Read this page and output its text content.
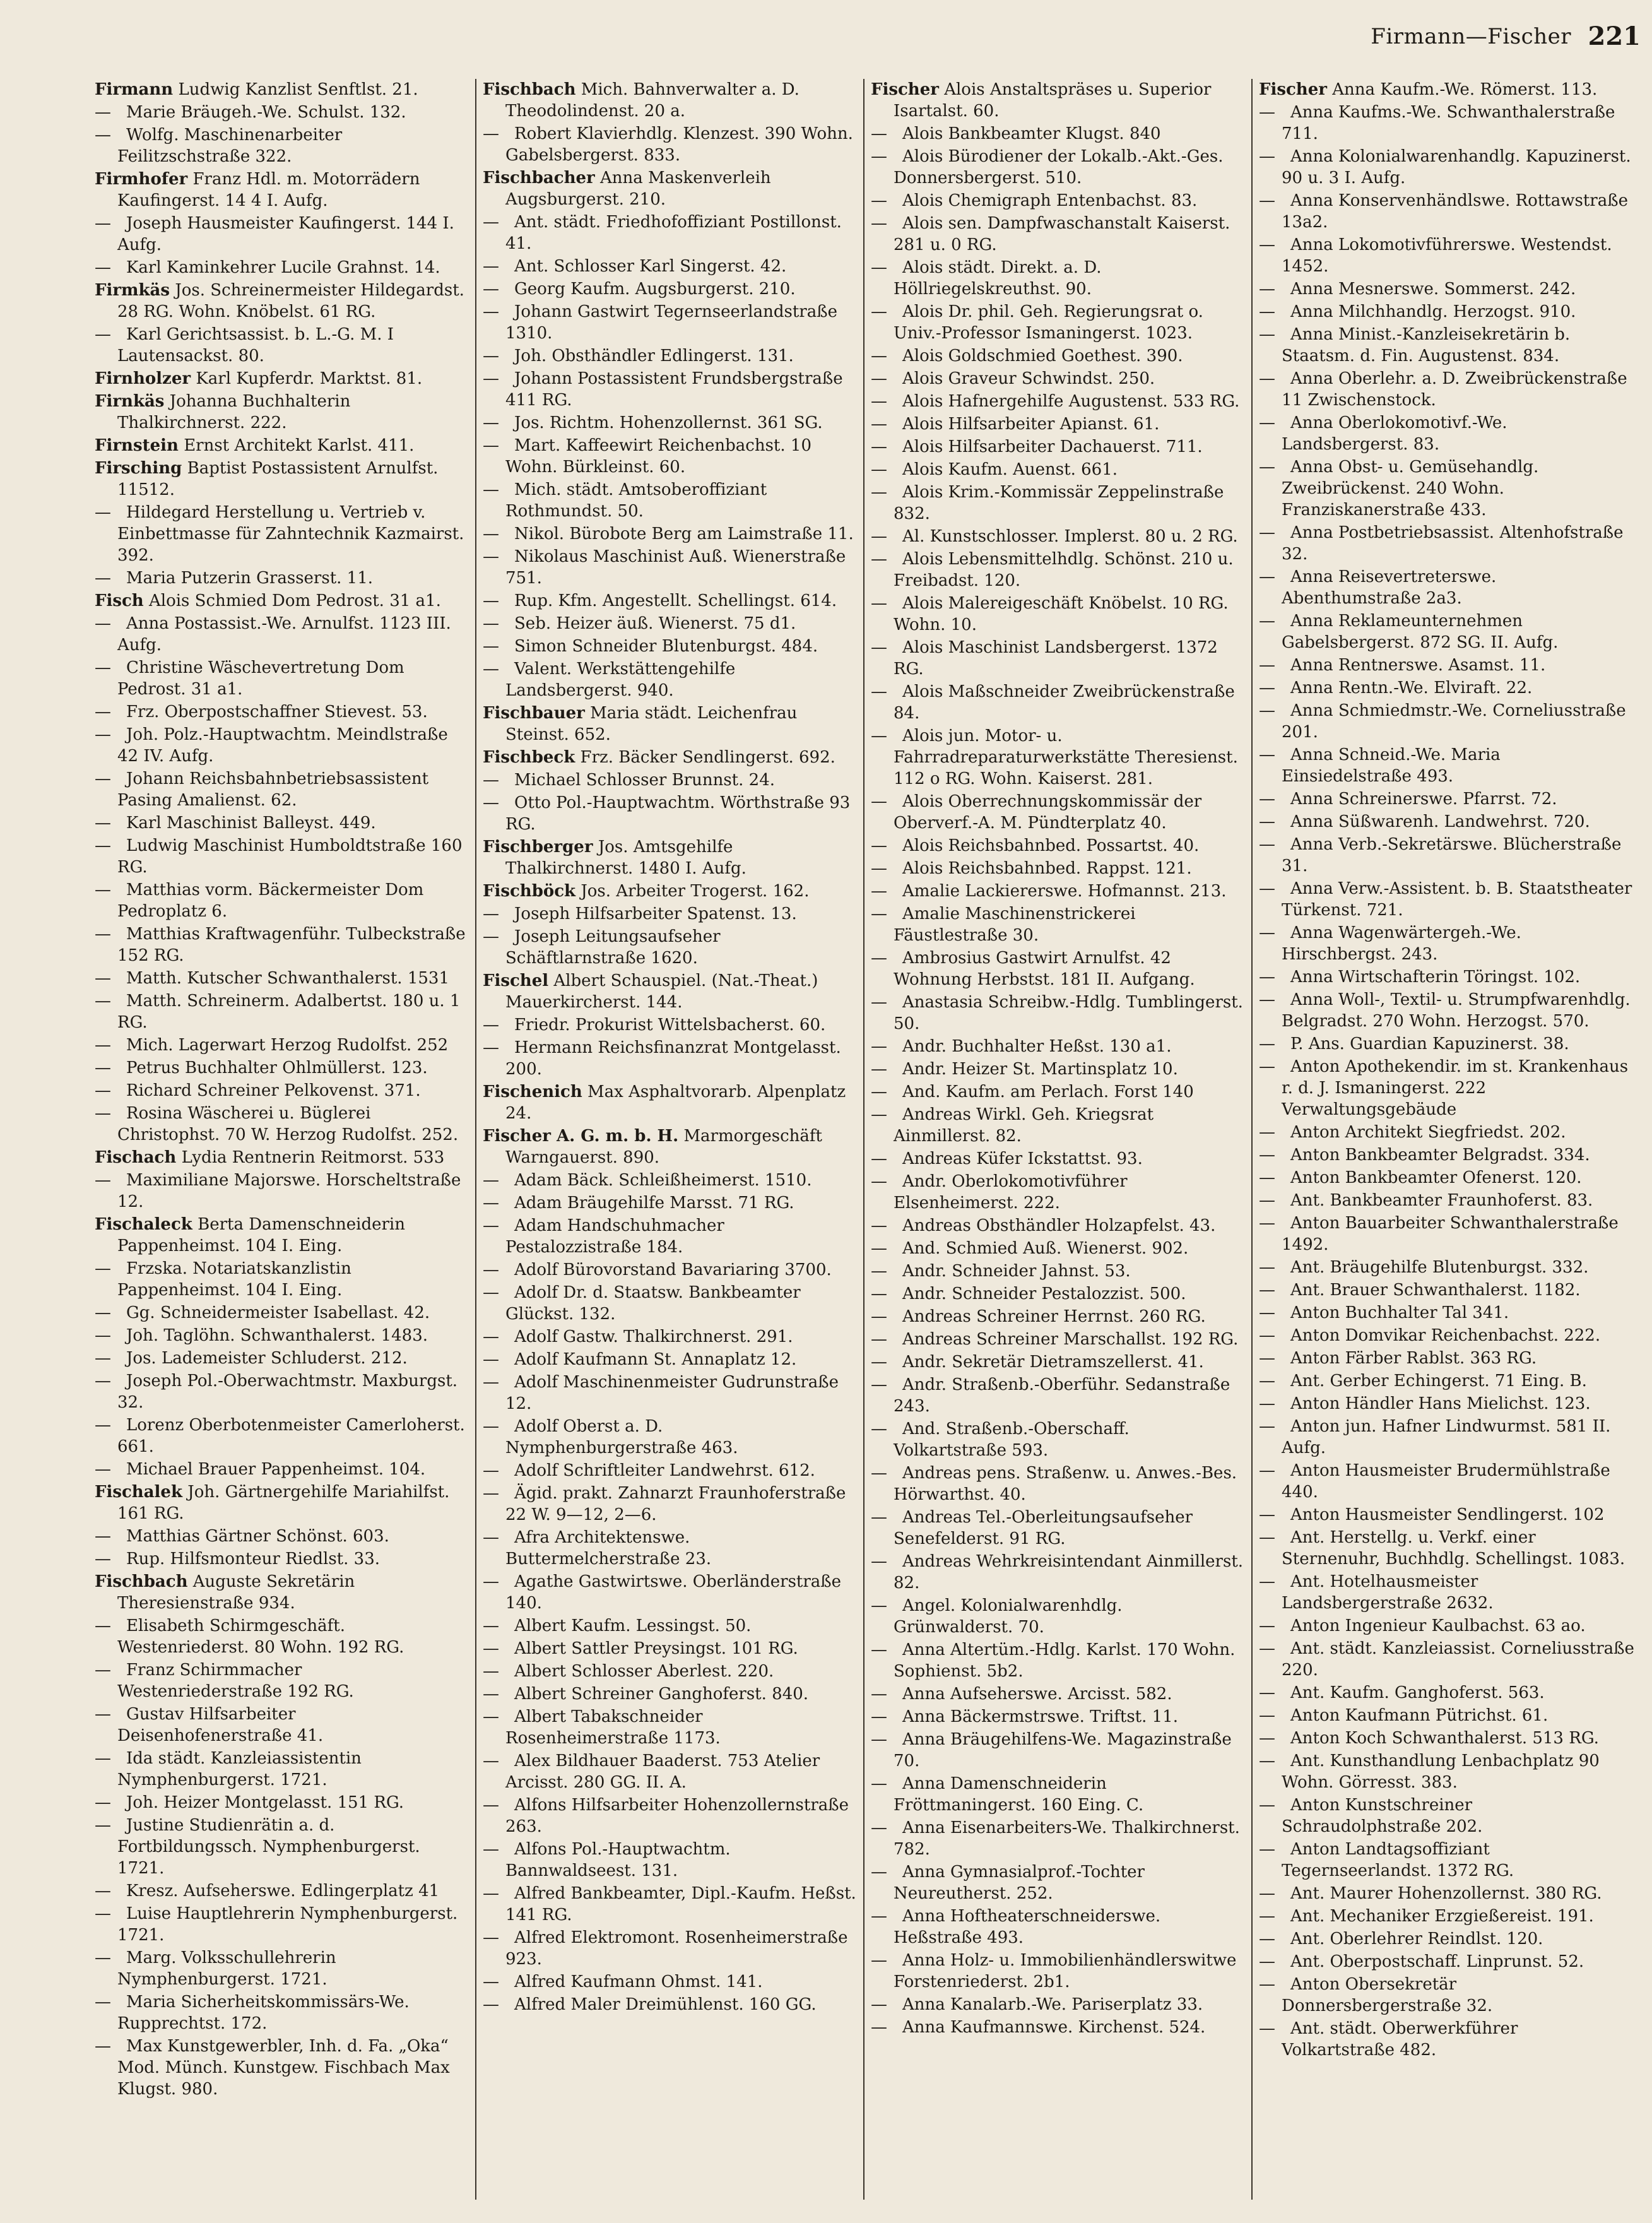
Firmann—Fischer 221

Firmann Ludwig Kanzlist Senftlst. 21.

— Marie Bräugeh.-We. Schulst. 132.

— Wolfg. Maschinenarbeiter Feilitzschstraße 322.

Firmhofer Franz Hdl. m. Motorrädern Kaufingerst. 14 4 I. Aufg.

— Joseph Hausmeister Kaufingerst. 144 I. Aufg.

— Karl Kaminkehrer Lucile Grahnst. 14.

Firmkäs Jos. Schreinermeister Hildegardst. 28 RG. Wohn. Knöbelst. 61 RG.

— Karl Gerichtsassist. b. L.-G. M. I Lautensackst. 80.

Firnholzer Karl Kupferdr. Marktst. 81.

Firnkäs Johanna Buchhalterin Thalkirchnerst. 222.

Firnstein Ernst Architekt Karlst. 411.

Firsching Baptist Postassistent Arnulfst. 11512.

— Hildegard Herstellung u. Vertrieb v. Einbettmasse für Zahntechnik Kazmairst. 392.

— Maria Putzerin Grasserst. 11.

Fisch Alois Schmied Dom Pedrost. 31 a1.

— Anna Postassist.-We. Arnulfst. 1123 III. Aufg.

— Christine Wäschevertretung Dom Pedrost. 31 a1.

— Frz. Oberpostschaffner Stievest. 53.

— Joh. Polz.-Hauptwachtm. Meindlstraße 42 IV. Aufg.

— Johann Reichsbahnbetriebsassistent Pasing Amalienst. 62.

— Karl Maschinist Balleyst. 449.

— Ludwig Maschinist Humboldtstraße 160 RG.

— Matthias vorm. Bäckermeister Dom Pedroplatz 6.

— Matthias Kraftwagenführ. Tulbeckstraße 152 RG.

— Matth. Kutscher Schwanthalerst. 1531

— Matth. Schreinerm. Adalbertst. 180 u. 1 RG.

— Mich. Lagerwart Herzog Rudolfst. 252

— Petrus Buchhalter Ohlmüllerst. 123.

— Richard Schreiner Pelkovenst. 371.

— Rosina Wäscherei u. Büglerei Christophst. 70 W. Herzog Rudolfst. 252.

Fischach Lydia Rentnerin Reitmorst. 533

— Maximiliane Majorswe. Horscheltstraße 12.

Fischaleck Berta Damenschneiderin Pappenheimst. 104 I. Eing.

— Frzska. Notariatskanzlistin Pappenheimst. 104 I. Eing.

— Gg. Schneidermeister Isabellast. 42.

— Joh. Taglöhn. Schwanthalerst. 1483.

— Jos. Lademeister Schluderst. 212.

— Joseph Pol.-Oberwachtmstr. Maxburgst. 32.

— Lorenz Oberbotenmeister Camerloherst. 661.

— Michael Brauer Pappenheimst. 104.

Fischalek Joh. Gärtnergehilfe Mariahilfst. 161 RG.

— Matthias Gärtner Schönst. 603.

— Rup. Hilfsmonteur Riedlst. 33.

Fischbach Auguste Sekretärin Theresienstraße 934.

— Elisabeth Schirmgeschäft. Westenriederst. 80 Wohn. 192 RG.

— Franz Schirmmacher Westenriederstraße 192 RG.

— Gustav Hilfsarbeiter Deisenhofenerstraße 41.

— Ida städt. Kanzleiassistentin Nymphenburgerst. 1721.

— Joh. Heizer Montgelasst. 151 RG.

— Justine Studienrätin a. d. Fortbildungssch. Nymphenburgerst. 1721.

— Kresz. Aufseherswe. Edlingerplatz 41

— Luise Hauptlehrerin Nymphenburgerst. 1721.

— Marg. Volksschullehrerin Nymphenburgerst. 1721.

— Maria Sicherheitskommissärs-We. Rupprechtst. 172.

— Max Kunstgewerbler, Inh. d. Fa. „Oka“ Mod. Münch. Kunstgew. Fischbach Max Klugst. 980.

Fischbach Mich. Bahnverwalter a. D. Theodolindenst. 20 a.

— Robert Klavierhdlg. Klenzest. 390 Wohn. Gabelsbergerst. 833.

Fischbacher Anna Maskenverleih Augsburgerst. 210.

— Ant. städt. Friedhofoffiziant Postillonst. 41.

— Ant. Schlosser Karl Singerst. 42.

— Georg Kaufm. Augsburgerst. 210.

— Johann Gastwirt Tegernseerlandstraße 1310.

— Joh. Obsthändler Edlingerst. 131.

— Johann Postassistent Frundsbergstraße 411 RG.

— Jos. Richtm. Hohenzollernst. 361 SG.

— Mart. Kaffeewirt Reichenbachst. 10 Wohn. Bürkleinst. 60.

— Mich. städt. Amtsoberoffiziant Rothmundst. 50.

— Nikol. Bürobote Berg am Laimstraße 11.

— Nikolaus Maschinist Auß. Wienerstraße 751.

— Rup. Kfm. Angestellt. Schellingst. 614.

— Seb. Heizer äuß. Wienerst. 75 d1.

— Simon Schneider Blutenburgst. 484.

— Valent. Werkstättengehilfe Landsbergerst. 940.

Fischbauer Maria städt. Leichenfrau Steinst. 652.

Fischbeck Frz. Bäcker Sendlingerst. 692.

— Michael Schlosser Brunnst. 24.

— Otto Pol.-Hauptwachtm. Wörthstraße 93 RG.

Fischberger Jos. Amtsgehilfe Thalkirchnerst. 1480 I. Aufg.

Fischböck Jos. Arbeiter Trogerst. 162.

— Joseph Hilfsarbeiter Spatenst. 13.

— Joseph Leitungsaufseher Schäftlarnstraße 1620.

Fischel Albert Schauspiel. (Nat.-Theat.) Mauerkircherst. 144.

— Friedr. Prokurist Wittelsbacherst. 60.

— Hermann Reichsfinanzrat Montgelasst. 200.

Fischenich Max Asphaltvorarb. Alpenplatz 24.

Fischer A. G. m. b. H. Marmorgeschäft Warngauerst. 890.

— Adam Bäck. Schleißheimerst. 1510.

— Adam Bräugehilfe Marsst. 71 RG.

— Adam Handschuhmacher Pestalozzistraße 184.

— Adolf Bürovorstand Bavariaring 3700.

— Adolf Dr. d. Staatsw. Bankbeamter Glückst. 132.

— Adolf Gastw. Thalkirchnerst. 291.

— Adolf Kaufmann St. Annaplatz 12.

— Adolf Maschinenmeister Gudrunstraße 12.

— Adolf Oberst a. D. Nymphenburgerstraße 463.

— Adolf Schriftleiter Landwehrst. 612.

— Ägid. prakt. Zahnarzt Fraunhoferstraße 22 W. 9—12, 2—6.

— Afra Architektenswe. Buttermelcherstraße 23.

— Agathe Gastwirtswe. Oberländerstraße 140.

— Albert Kaufm. Lessingst. 50.

— Albert Sattler Preysingst. 101 RG.

— Albert Schlosser Aberlest. 220.

— Albert Schreiner Ganghoferst. 840.

— Albert Tabakschneider Rosenheimerstraße 1173.

— Alex Bildhauer Baaderst. 753 Atelier Arcisst. 280 GG. II. A.

— Alfons Hilfsarbeiter Hohenzollernstraße 263.

— Alfons Pol.-Hauptwachtm. Bannwaldseest. 131.

— Alfred Bankbeamter, Dipl.-Kaufm. Heßst. 141 RG.

— Alfred Elektromont. Rosenheimerstraße 923.

— Alfred Kaufmann Ohmst. 141.

— Alfred Maler Dreimühlenst. 160 GG.

Fischer Alois Anstaltspräses u. Superior Isartalst. 60.

— Alois Bankbeamter Klugst. 840

— Alois Bürodiener der Lokalb.-Akt.-Ges. Donnersbergerst. 510.

— Alois Chemigraph Entenbachst. 83.

— Alois sen. Dampfwaschanstalt Kaiserst. 281 u. 0 RG.

— Alois städt. Direkt. a. D. Höllriegelskreuthst. 90.

— Alois Dr. phil. Geh. Regierungsrat o. Univ.-Professor Ismaningerst. 1023.

— Alois Goldschmied Goethest. 390.

— Alois Graveur Schwindst. 250.

— Alois Hafnergehilfe Augustenst. 533 RG.

— Alois Hilfsarbeiter Apianst. 61.

— Alois Hilfsarbeiter Dachauerst. 711.

— Alois Kaufm. Auenst. 661.

— Alois Krim.-Kommissär Zeppelinstraße 832.

— Al. Kunstschlosser. Implerst. 80 u. 2 RG.

— Alois Lebensmittelhdlg. Schönst. 210 u. Freibadst. 120.

— Alois Malereigeschäft Knöbelst. 10 RG. Wohn. 10.

— Alois Maschinist Landsbergerst. 1372 RG.

— Alois Maßschneider Zweibrückenstraße 84.

— Alois jun. Motor- u. Fahrradreparaturwerkstätte Theresienst. 112 o RG. Wohn. Kaiserst. 281.

— Alois Oberrechnungskommissär der Oberverf.-A. M. Pündterplatz 40.

— Alois Reichsbahnbed. Possartst. 40.

— Alois Reichsbahnbed. Rappst. 121.

— Amalie Lackiererswe. Hofmannst. 213.

— Amalie Maschinenstrickerei Fäustlestraße 30.

— Ambrosius Gastwirt Arnulfst. 42 Wohnung Herbstst. 181 II. Aufgang.

— Anastasia Schreibw.-Hdlg. Tumblingerst. 50.

— Andr. Buchhalter Heßst. 130 a1.

— Andr. Heizer St. Martinsplatz 10.

— And. Kaufm. am Perlach. Forst 140

— Andreas Wirkl. Geh. Kriegsrat Ainmillerst. 82.

— Andreas Küfer Ickstattst. 93.

— Andr. Oberlokomotivführer Elsenheimerst. 222.

— Andreas Obsthändler Holzapfelst. 43.

— And. Schmied Auß. Wienerst. 902.

— Andr. Schneider Jahnst. 53.

— Andr. Schneider Pestalozzist. 500.

— Andreas Schreiner Herrnst. 260 RG.

— Andreas Schreiner Marschallst. 192 RG.

— Andr. Sekretär Dietramszellerst. 41.

— Andr. Straßenb.-Oberführ. Sedanstraße 243.

— And. Straßenb.-Oberschaff. Volkartstraße 593.

— Andreas pens. Straßenw. u. Anwes.-Bes. Hörwarthst. 40.

— Andreas Tel.-Oberleitungsaufseher Senefelderst. 91 RG.

— Andreas Wehrkreisintendant Ainmillerst. 82.

— Angel. Kolonialwarenhdlg. Grünwalderst. 70.

— Anna Altertüm.-Hdlg. Karlst. 170 Wohn. Sophienst. 5b2.

— Anna Aufseherswe. Arcisst. 582.

— Anna Bäckermstrswe. Triftst. 11.

— Anna Bräugehilfens-We. Magazinstraße 70.

— Anna Damenschneiderin Fröttmaningerst. 160 Eing. C.

— Anna Eisenarbeiters-We. Thalkirchnerst. 782.

— Anna Gymnasialprof.-Tochter Neureutherst. 252.

— Anna Hoftheaterschneiderswe. Heßstraße 493.

— Anna Holz- u. Immobilienhändlerswitwe Forstenriederst. 2b1.

— Anna Kanalarb.-We. Pariserplatz 33.

— Anna Kaufmannswe. Kirchenst. 524.

Fischer Anna Kaufm.-We. Römerst. 113.

— Anna Kaufms.-We. Schwanthalerstraße 711.

— Anna Kolonialwarenhandlg. Kapuzinerst. 90 u. 3 I. Aufg.

— Anna Konservenhändlswe. Rottawstraße 13a2.

— Anna Lokomotivführerswe. Westendst. 1452.

— Anna Mesnerswe. Sommerst. 242.

— Anna Milchhandlg. Herzogst. 910.

— Anna Minist.-Kanzleisekretärin b. Staatsm. d. Fin. Augustenst. 834.

— Anna Oberlehr. a. D. Zweibrückenstraße 11 Zwischenstock.

— Anna Oberlokomotivf.-We. Landsbergerst. 83.

— Anna Obst- u. Gemüsehandlg. Zweibrückenst. 240 Wohn. Franziskanerstraße 433.

— Anna Postbetriebsassist. Altenhofstraße 32.

— Anna Reisevertreterswe. Abenthumstraße 2a3.

— Anna Reklameunternehmen Gabelsbergerst. 872 SG. II. Aufg.

— Anna Rentnerswe. Asamst. 11.

— Anna Rentn.-We. Elviraft. 22.

— Anna Schmiedmstr.-We. Corneliusstraße 201.

— Anna Schneid.-We. Maria Einsiedelstraße 493.

— Anna Schreinerswe. Pfarrst. 72.

— Anna Süßwarenh. Landwehrst. 720.

— Anna Verb.-Sekretärswe. Blücherstraße 31.

— Anna Verw.-Assistent. b. B. Staatstheater Türkenst. 721.

— Anna Wagenwärtergeh.-We. Hirschbergst. 243.

— Anna Wirtschafterin Töringst. 102.

— Anna Woll-, Textil- u. Strumpfwarenhdlg. Belgradst. 270 Wohn. Herzogst. 570.

— P. Ans. Guardian Kapuzinerst. 38.

— Anton Apothekendir. im st. Krankenhaus r. d. J. Ismaningerst. 222 Verwaltungsgebäude

— Anton Architekt Siegfriedst. 202.

— Anton Bankbeamter Belgradst. 334.

— Anton Bankbeamter Ofenerst. 120.

— Ant. Bankbeamter Fraunhoferst. 83.

— Anton Bauarbeiter Schwanthalerstraße 1492.

— Ant. Bräugehilfe Blutenburgst. 332.

— Ant. Brauer Schwanthalerst. 1182.

— Anton Buchhalter Tal 341.

— Anton Domvikar Reichenbachst. 222.

— Anton Färber Rablst. 363 RG.

— Ant. Gerber Echingerst. 71 Eing. B.

— Anton Händler Hans Mielichst. 123.

— Anton jun. Hafner Lindwurmst. 581 II. Aufg.

— Anton Hausmeister Brudermühlstraße 440.

— Anton Hausmeister Sendlingerst. 102

— Ant. Herstellg. u. Verkf. einer Sternenuhr, Buchhdlg. Schellingst. 1083.

— Ant. Hotelhausmeister Landsbergerstraße 2632.

— Anton Ingenieur Kaulbachst. 63 ao.

— Ant. städt. Kanzleiassist. Corneliusstraße 220.

— Ant. Kaufm. Ganghoferst. 563.

— Anton Kaufmann Pütrichst. 61.

— Anton Koch Schwanthalerst. 513 RG.

— Ant. Kunsthandlung Lenbachplatz 90 Wohn. Görresst. 383.

— Anton Kunstschreiner Schraudolphstraße 202.

— Anton Landtagsoffiziant Tegernseerlandst. 1372 RG.

— Ant. Maurer Hohenzollernst. 380 RG.

— Ant. Mechaniker Erzgießereist. 191.

— Ant. Oberlehrer Reindlst. 120.

— Ant. Oberpostschaff. Linprunst. 52.

— Anton Obersekretär Donnersbergerstraße 32.

— Ant. städt. Oberwerkführer Volkartstraße 482.
